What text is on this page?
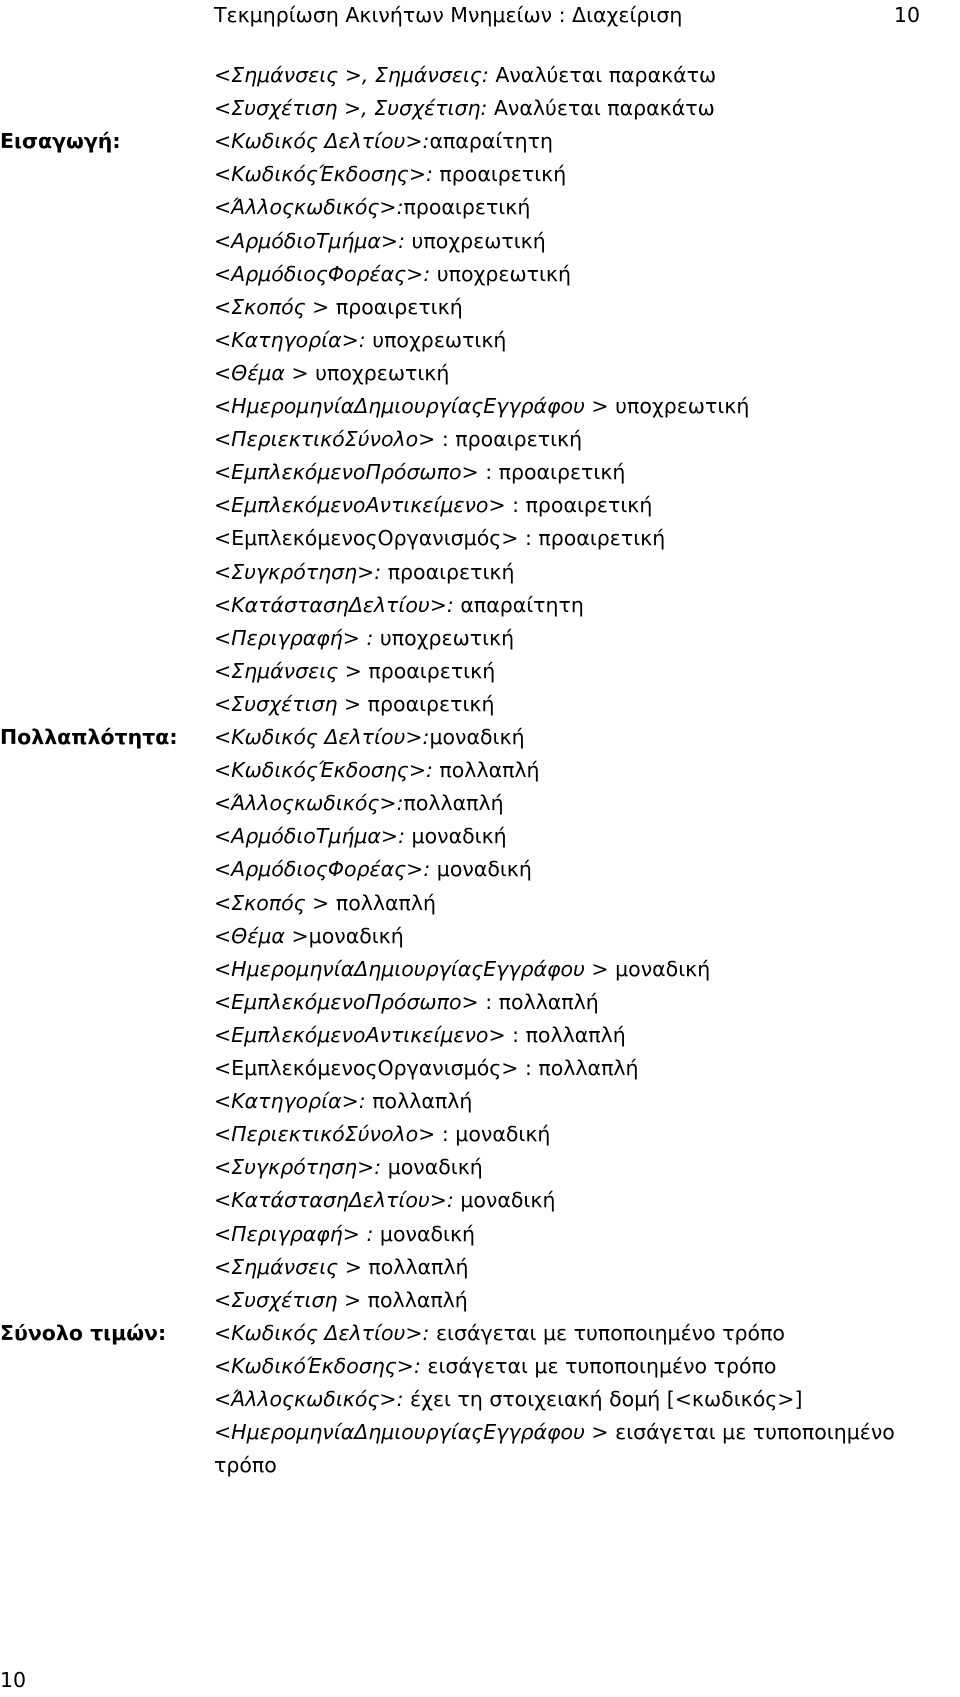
Τεκμηρίωση Ακινήτων Μνημείων : Διαχείριση	10
<Σημάνσεις >, Σημάνσεις: Αναλύεται παρακάτω
<Συσχέτιση >, Συσχέτιση: Αναλύεται παρακάτω
Εισαγωγή:	<Κωδικός Δελτίου>:απαραίτητη
<ΚωδικόςΈκδοσης>: προαιρετική
<Άλλοςκωδικός>:προαιρετική
<ΑρμόδιοΤμήμα>: υποχρεωτική
<ΑρμόδιοςΦορέας>: υποχρεωτική
<Σκοπός > προαιρετική
<Κατηγορία>: υποχρεωτική
<Θέμα > υποχρεωτική
<ΗμερομηνίαΔημιουργίαςΕγγράφου > υποχρεωτική
<ΠεριεκτικόΣύνολο> : προαιρετική
<ΕμπλεκόμενοΠρόσωπο> : προαιρετική
<ΕμπλεκόμενοΑντικείμενο> : προαιρετική
<ΕμπλεκόμενοςΟργανισμός> : προαιρετική
<Συγκρότηση>: προαιρετική
<ΚατάστασηΔελτίου>: απαραίτητη
<Περιγραφή> : υποχρεωτική
<Σημάνσεις > προαιρετική
<Συσχέτιση > προαιρετική
Πολλαπλότητα: <Κωδικός Δελτίου>:μοναδική
<ΚωδικόςΈκδοσης>: πολλαπλή
<Άλλοςκωδικός>:πολλαπλή
<ΑρμόδιοΤμήμα>: μοναδική
<ΑρμόδιοςΦορέας>: μοναδική
<Σκοπός > πολλαπλή
<Θέμα >μοναδική
<ΗμερομηνίαΔημιουργίαςΕγγράφου > μοναδική
<ΕμπλεκόμενοΠρόσωπο> : πολλαπλή
<ΕμπλεκόμενοΑντικείμενο> : πολλαπλή
<ΕμπλεκόμενοςΟργανισμός> : πολλαπλή
<Κατηγορία>: πολλαπλή
<ΠεριεκτικόΣύνολο> : μοναδική
<Συγκρότηση>: μοναδική
<ΚατάστασηΔελτίου>: μοναδική
<Περιγραφή> : μοναδική
<Σημάνσεις > πολλαπλή
<Συσχέτιση > πολλαπλή
Σύνολο τιμών: <Κωδικός Δελτίου>: εισάγεται με τυποποιημένο τρόπο
<ΚωδικόΈκδοσης>: εισάγεται με τυποποιημένο τρόπο
<Άλλοςκωδικός>: έχει τη στοιχειακή δομή [<κωδικός>]
<ΗμερομηνίαΔημιουργίαςΕγγράφου > εισάγεται με τυποποιημένο
τρόπο
10
